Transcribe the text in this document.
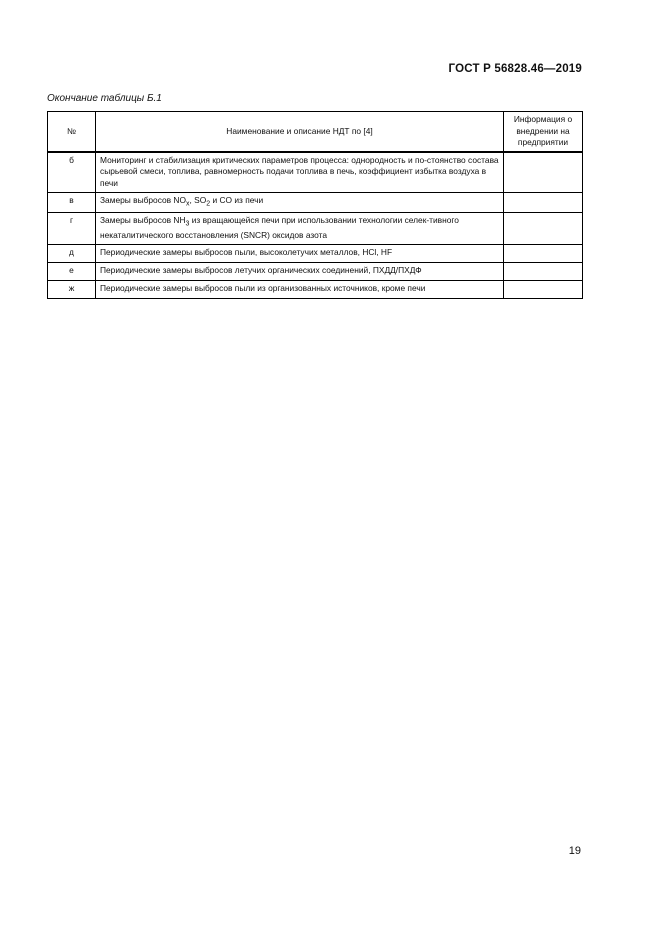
ГОСТ Р 56828.46—2019
Окончание таблицы Б.1
№	Наименование и описание НДТ по [4]	Информация о внедрении на предприятии
б	Мониторинг и стабилизация критических параметров процесса: однородность и по-стоянство состава сырьевой смеси, топлива, равномерность подачи топлива в печь, коэффициент избытка воздуха в печи	
в	Замеры выбросов $NO_x$, $SO_2$ и CO из печи	
г	Замеры выбросов $NH_3$ из вращающейся печи при использовании технологии селек-тивного некаталитического восстановления (SNCR) оксидов азота	
д	Периодические замеры выбросов пыли, высоколетучих металлов, HCl, HF	
е	Периодические замеры выбросов летучих органических соединений, ПХДД/ПХДФ	
ж	Периодические замеры выбросов пыли из организованных источников, кроме печи	
19
